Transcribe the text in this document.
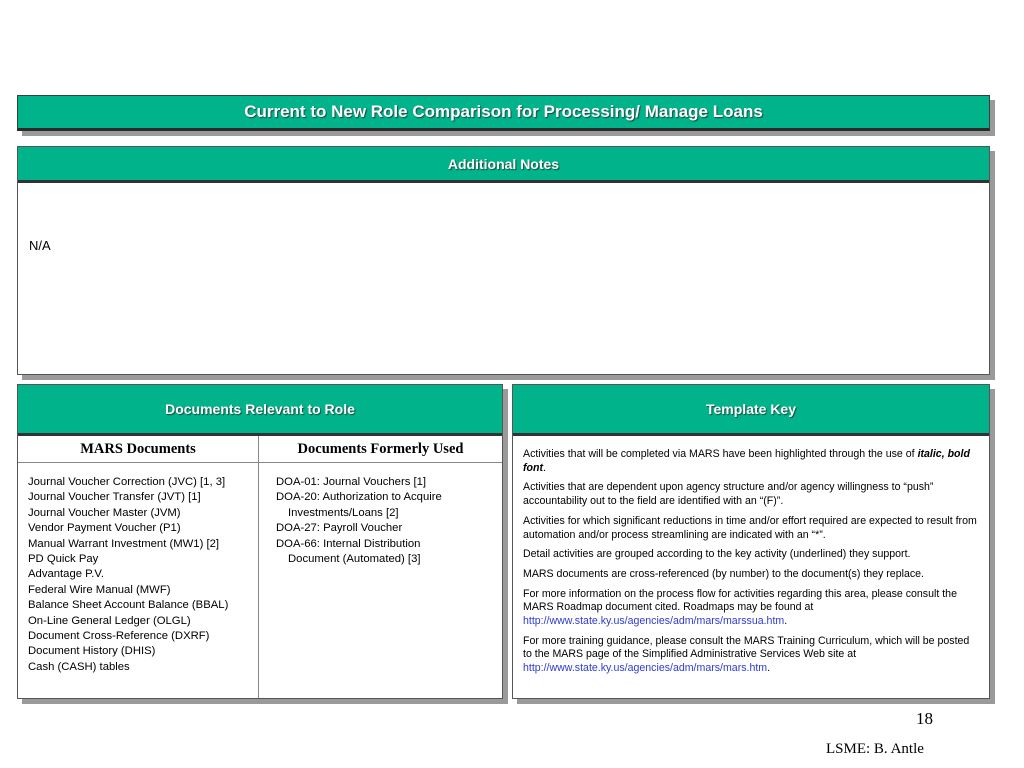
Current to New Role Comparison for Processing/ Manage Loans
Additional Notes
N/A
Documents Relevant to Role
MARS Documents
Journal Voucher Correction (JVC) [1, 3]
Journal Voucher Transfer (JVT) [1]
Journal Voucher Master (JVM)
Vendor Payment Voucher (P1)
Manual Warrant Investment (MW1) [2]
PD Quick Pay
Advantage P.V.
Federal Wire Manual (MWF)
Balance Sheet Account Balance (BBAL)
On-Line General Ledger (OLGL)
Document Cross-Reference (DXRF)
Document History (DHIS)
Cash (CASH) tables
Documents Formerly Used
DOA-01: Journal Vouchers [1]
DOA-20: Authorization to Acquire
Investments/Loans [2]
DOA-27: Payroll Voucher
DOA-66: Internal Distribution
Document (Automated) [3]
Template Key

Activities that will be completed via MARS have been highlighted through the use of italic, bold font.

Activities that are dependent upon agency structure and/or agency willingness to “push” accountability out to the field are identified with an “(F)”.

Activities for which significant reductions in time and/or effort required are expected to result from automation and/or process streamlining are indicated with an “*”.

Detail activities are grouped according to the key activity (underlined) they support.

MARS documents are cross-referenced (by number) to the document(s) they replace.

For more information on the process flow for activities regarding this area, please consult the MARS Roadmap document cited. Roadmaps may be found at http://www.state.ky.us/agencies/adm/mars/marssua.htm.

For more training guidance, please consult the MARS Training Curriculum, which will be posted to the MARS page of the Simplified Administrative Services Web site at http://www.state.ky.us/agencies/adm/mars/mars.htm.

18
LSME: B. Antle
